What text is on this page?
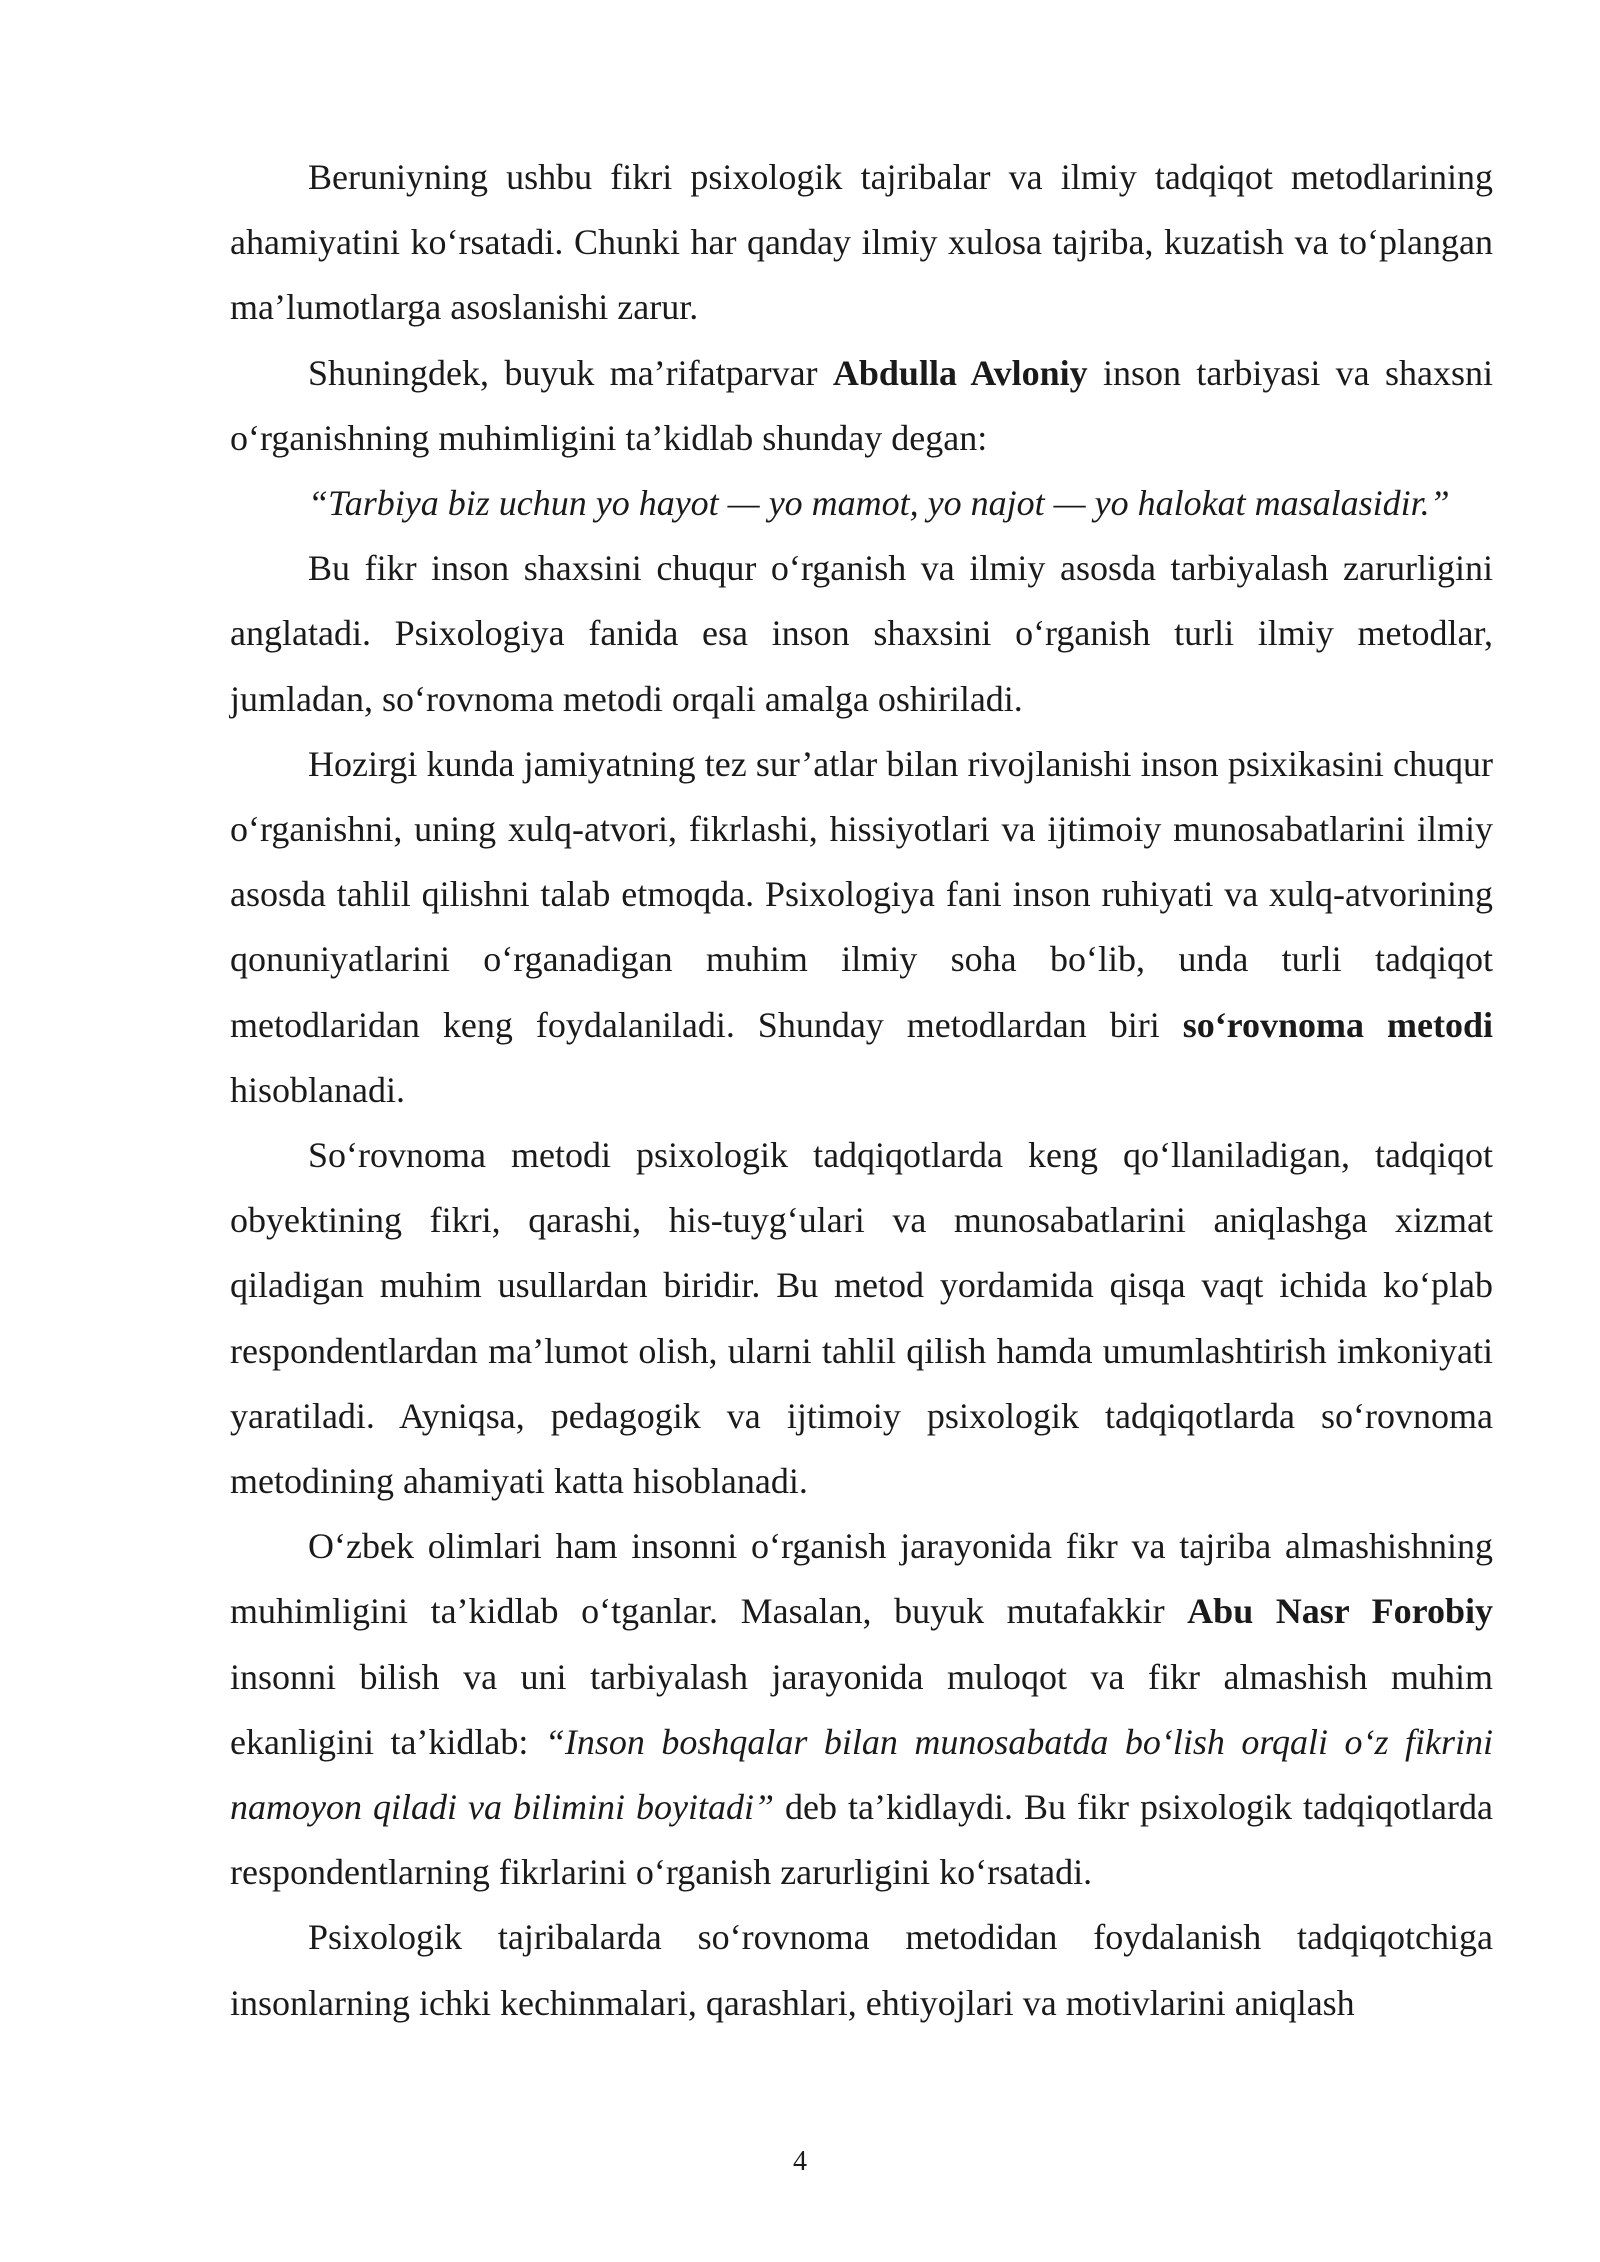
Beruniyning ushbu fikri psixologik tajribalar va ilmiy tadqiqot metodlarining ahamiyatini ko‘rsatadi. Chunki har qanday ilmiy xulosa tajriba, kuzatish va to‘plangan ma’lumotlarga asoslanishi zarur.

Shuningdek, buyuk ma’rifatparvar Abdulla Avloniy inson tarbiyasi va shaxsni o‘rganishning muhimligini ta’kidlab shunday degan:

“Tarbiya biz uchun yo hayot — yo mamot, yo najot — yo halokat masalasidir.”

Bu fikr inson shaxsini chuqur o‘rganish va ilmiy asosda tarbiyalash zarurligini anglatadi. Psixologiya fanida esa inson shaxsini o‘rganish turli ilmiy metodlar, jumladan, so‘rovnoma metodi orqali amalga oshiriladi.

Hozirgi kunda jamiyatning tez sur’atlar bilan rivojlanishi inson psixikasini chuqur o‘rganishni, uning xulq-atvori, fikrlashi, hissiyotlari va ijtimoiy munosabatlarini ilmiy asosda tahlil qilishni talab etmoqda. Psixologiya fani inson ruhiyati va xulq-atvorining qonuniyatlarini o‘rganadigan muhim ilmiy soha bo‘lib, unda turli tadqiqot metodlaridan keng foydalaniladi. Shunday metodlardan biri so‘rovnoma metodi hisoblanadi.

So‘rovnoma metodi psixologik tadqiqotlarda keng qo‘llaniladigan, tadqiqot obyektining fikri, qarashi, his-tuyg‘ulari va munosabatlarini aniqlashga xizmat qiladigan muhim usullardan biridir. Bu metod yordamida qisqa vaqt ichida ko‘plab respondentlardan ma’lumot olish, ularni tahlil qilish hamda umumlashtirish imkoniyati yaratiladi. Ayniqsa, pedagogik va ijtimoiy psixologik tadqiqotlarda so‘rovnoma metodining ahamiyati katta hisoblanadi.

O‘zbek olimlari ham insonni o‘rganish jarayonida fikr va tajriba almashishning muhimligini ta’kidlab o‘tganlar. Masalan, buyuk mutafakkir Abu Nasr Forobiy insonni bilish va uni tarbiyalash jarayonida muloqot va fikr almashish muhim ekanligini ta’kidlab: “Inson boshqalar bilan munosabatda bo‘lish orqali o‘z fikrini namoyon qiladi va bilimini boyitadi” deb ta’kidlaydi. Bu fikr psixologik tadqiqotlarda respondentlarning fikrlarini o‘rganish zarurligini ko‘rsatadi.

Psixologik tajribalarda so‘rovnoma metodidan foydalanish tadqiqotchiga insonlarning ichki kechinmalari, qarashlari, ehtiyojlari va motivlarini aniqlash

4
